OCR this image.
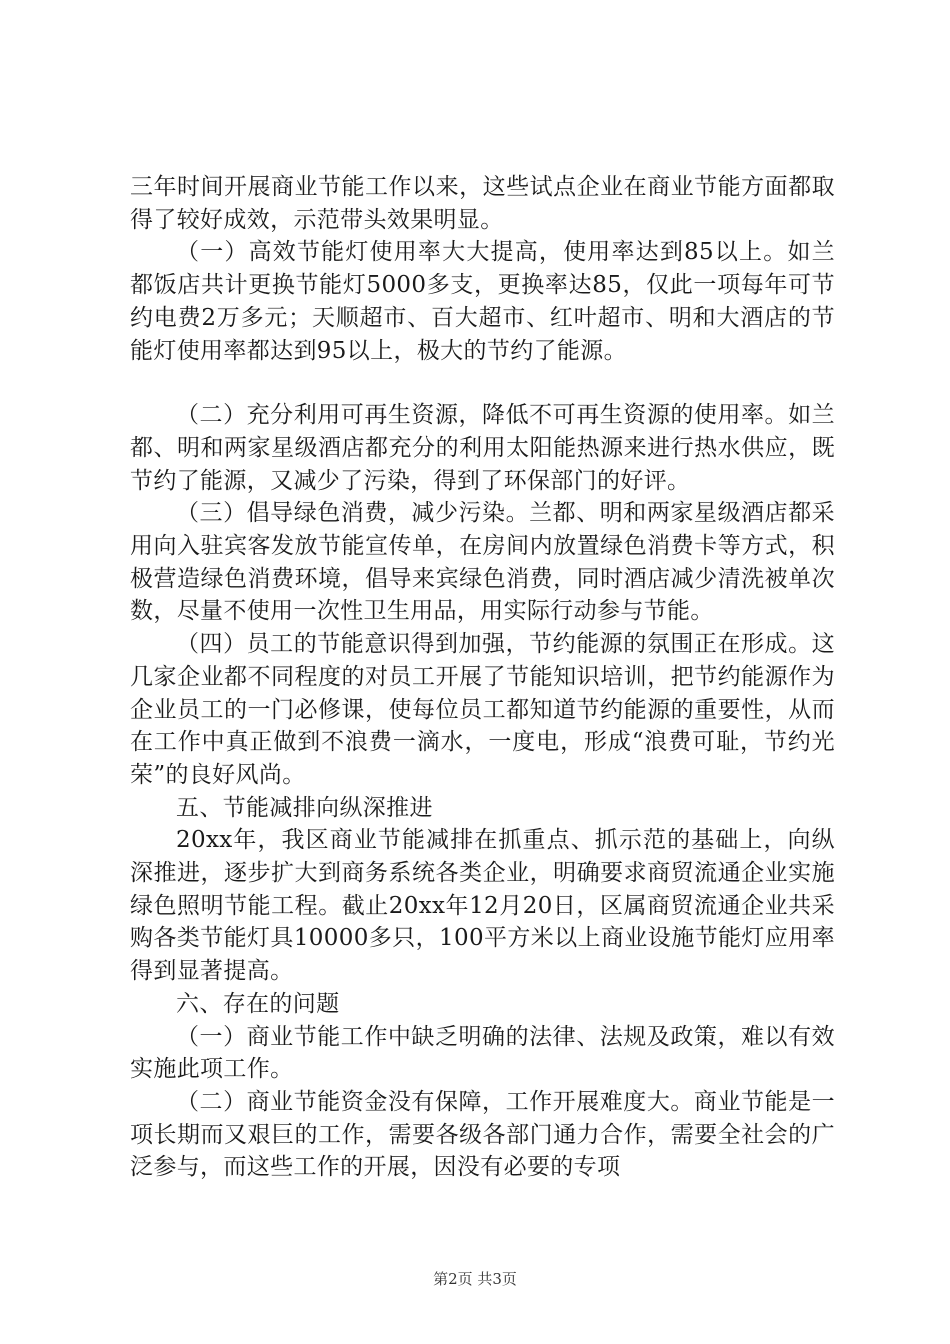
三年时间开展商业节能工作以来，这些试点企业在商业节能方面都取得了较好成效，示范带头效果明显。

（一）高效节能灯使用率大大提高，使用率达到85以上。如兰都饭店共计更换节能灯5000多支，更换率达85，仅此一项每年可节约电费2万多元；天顺超市、百大超市、红叶超市、明和大酒店的节能灯使用率都达到95以上，极大的节约了能源。

（二）充分利用可再生资源，降低不可再生资源的使用率。如兰都、明和两家星级酒店都充分的利用太阳能热源来进行热水供应，既节约了能源，又减少了污染，得到了环保部门的好评。

（三）倡导绿色消费，减少污染。兰都、明和两家星级酒店都采用向入驻宾客发放节能宣传单，在房间内放置绿色消费卡等方式，积极营造绿色消费环境，倡导来宾绿色消费，同时酒店减少清洗被单次数，尽量不使用一次性卫生用品，用实际行动参与节能。

（四）员工的节能意识得到加强，节约能源的氛围正在形成。这几家企业都不同程度的对员工开展了节能知识培训，把节约能源作为企业员工的一门必修课，使每位员工都知道节约能源的重要性，从而在工作中真正做到不浪费一滴水，一度电，形成“浪费可耻，节约光荣”的良好风尚。

五、节能减排向纵深推进

20xx年，我区商业节能减排在抓重点、抓示范的基础上，向纵深推进，逐步扩大到商务系统各类企业，明确要求商贸流通企业实施绿色照明节能工程。截止20xx年12月20日，区属商贸流通企业共采购各类节能灯具10000多只，100平方米以上商业设施节能灯应用率得到显著提高。

六、存在的问题

（一）商业节能工作中缺乏明确的法律、法规及政策，难以有效实施此项工作。

（二）商业节能资金没有保障，工作开展难度大。商业节能是一项长期而又艰巨的工作，需要各级各部门通力合作，需要全社会的广泛参与，而这些工作的开展，因没有必要的专项

第2页 共3页
